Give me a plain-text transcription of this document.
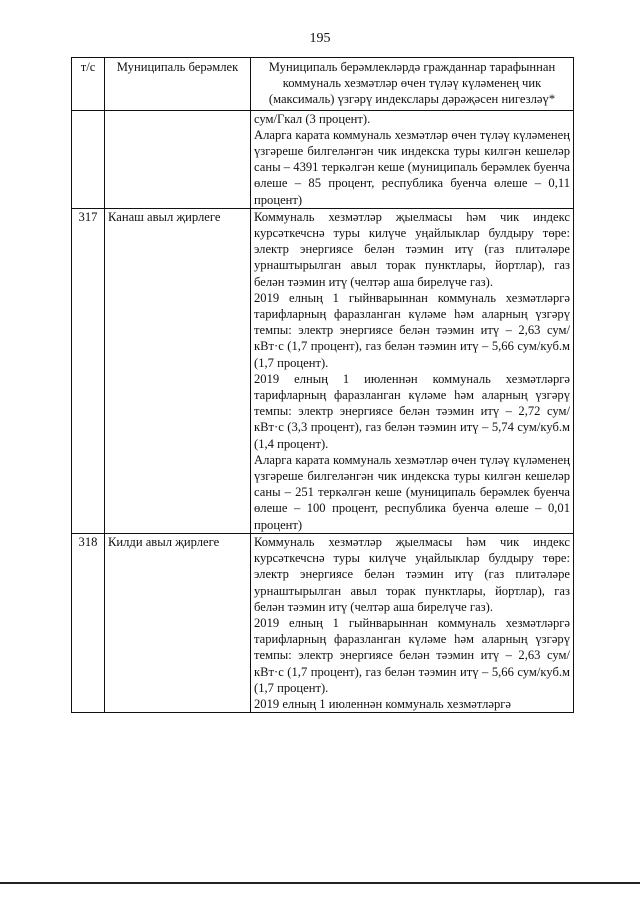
195
т/с	Муниципаль берәмлек	Муниципаль берәмлекләрдә гражданнар тарафыннан коммуналь хезмәтләр өчен түләү күләменең чик (максималь) үзгәрү индекслары дәрәҗәсен нигезләү*

		сум/Гкал (3 процент).
Аларга карата коммуналь хезмәтләр өчен түләү күләменең үзгәреше билгеләнгән чик индекска туры килгән кешеләр саны – 4391 теркәлгән кеше (муниципаль берәмлек буенча өлеше – 85 процент, республика буенча өлеше – 0,11 процент)

317	Канаш авыл җирлеге	Коммуналь хезмәтләр җыелмасы һәм чик индекс курсәткечснә туры килүче уңайлыклар булдыру төре: электр энергиясе белән тәэмин итү (газ плитәләре урнаштырылган авыл торак пунктлары, йортлар), газ белән тәэмин итү (челтәр аша бирелүче газ).
2019 елның 1 гыйнварыннан коммуналь хезмәтләргә тарифларның фаразланган күләме һәм аларның үзгәрү темпы: электр энергиясе белән тәэмин итү – 2,63 сум/кВт·с (1,7 процент), газ белән тәэмин итү – 5,66 сум/куб.м (1,7 процент).
2019 елның 1 июленнән коммуналь хезмәтләргә тарифларның фаразланган күләме һәм аларның үзгәрү темпы: электр энергиясе белән тәэмин итү – 2,72 сум/кВт·с (3,3 процент), газ белән тәэмин итү – 5,74 сум/куб.м (1,4 процент).
Аларга карата коммуналь хезмәтләр өчен түләү күләменең үзгәреше билгеләнгән чик индекска туры килгән кешеләр саны – 251 теркәлгән кеше (муниципаль берәмлек буенча өлеше – 100 процент, республика буенча өлеше – 0,01 процент)

318	Килди авыл җирлеге	Коммуналь хезмәтләр җыелмасы һәм чик индекс курсәткечснә туры килүче уңайлыклар булдыру төре: электр энергиясе белән тәэмин итү (газ плитәләре урнаштырылган авыл торак пунктлары, йортлар), газ белән тәэмин итү (челтәр аша бирелүче газ).
2019 елның 1 гыйнварыннан коммуналь хезмәтләргә тарифларның фаразланган күләме һәм аларның үзгәрү темпы: электр энергиясе белән тәэмин итү – 2,63 сум/кВт·с (1,7 процент), газ белән тәэмин итү – 5,66 сум/куб.м (1,7 процент).
2019 елның 1 июленнән коммуналь хезмәтләргә
